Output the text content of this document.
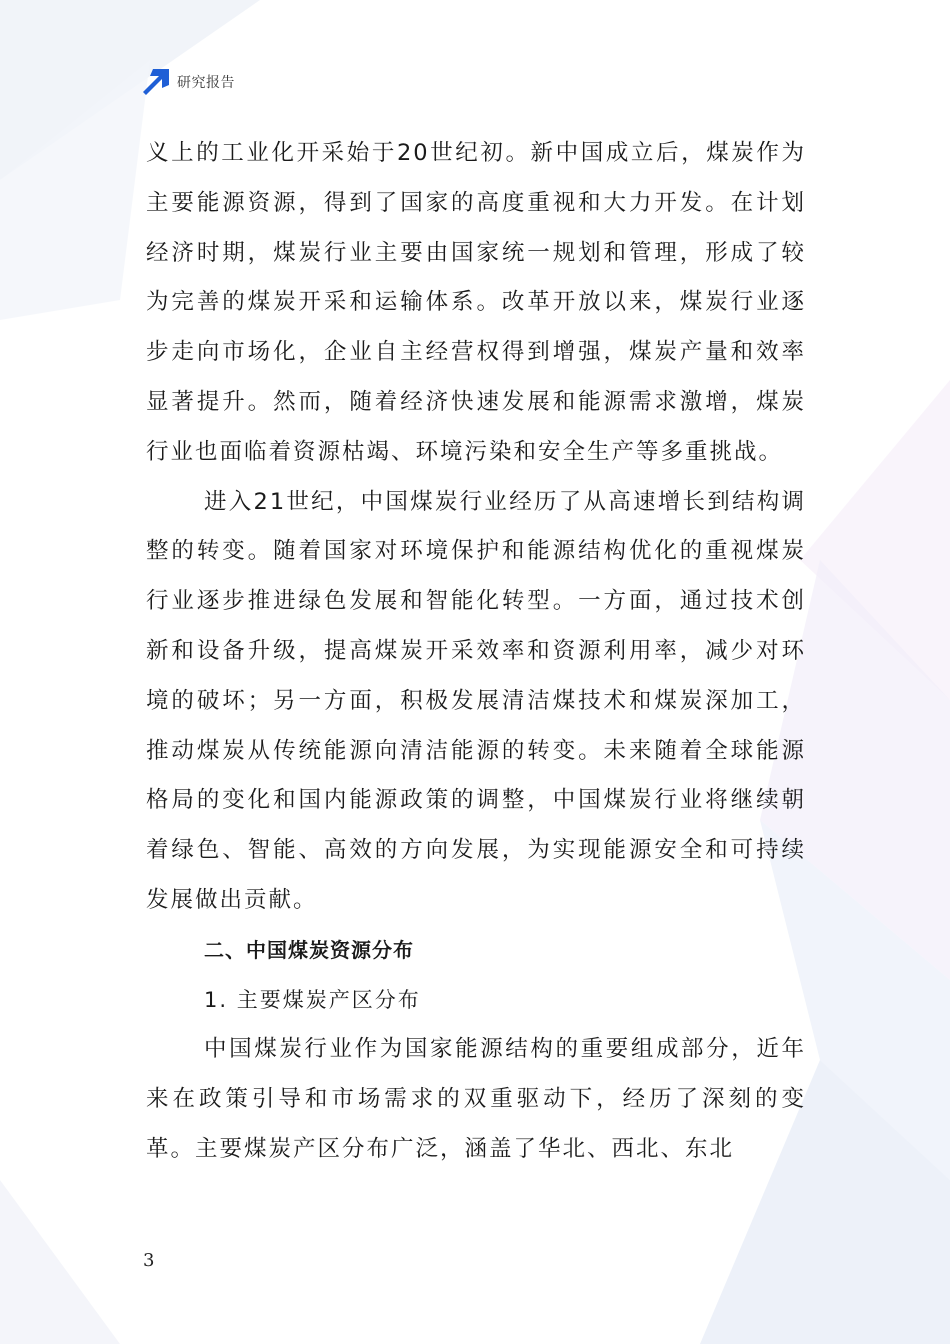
研究报告

义上的工业化开采始于20世纪初。新中国成立后，煤炭作为主要能源资源，得到了国家的高度重视和大力开发。在计划经济时期，煤炭行业主要由国家统一规划和管理，形成了较为完善的煤炭开采和运输体系。改革开放以来，煤炭行业逐步走向市场化，企业自主经营权得到增强，煤炭产量和效率显著提升。然而，随着经济快速发展和能源需求激增，煤炭行业也面临着资源枯竭、环境污染和安全生产等多重挑战。

进入21世纪，中国煤炭行业经历了从高速增长到结构调整的转变。随着国家对环境保护和能源结构优化的重视煤炭行业逐步推进绿色发展和智能化转型。一方面，通过技术创新和设备升级，提高煤炭开采效率和资源利用率，减少对环境的破坏；另一方面，积极发展清洁煤技术和煤炭深加工，推动煤炭从传统能源向清洁能源的转变。未来随着全球能源格局的变化和国内能源政策的调整，中国煤炭行业将继续朝着绿色、智能、高效的方向发展，为实现能源安全和可持续发展做出贡献。

二、中国煤炭资源分布

1. 主要煤炭产区分布

中国煤炭行业作为国家能源结构的重要组成部分，近年来在政策引导和市场需求的双重驱动下，经历了深刻的变革。主要煤炭产区分布广泛，涵盖了华北、西北、东北

3
